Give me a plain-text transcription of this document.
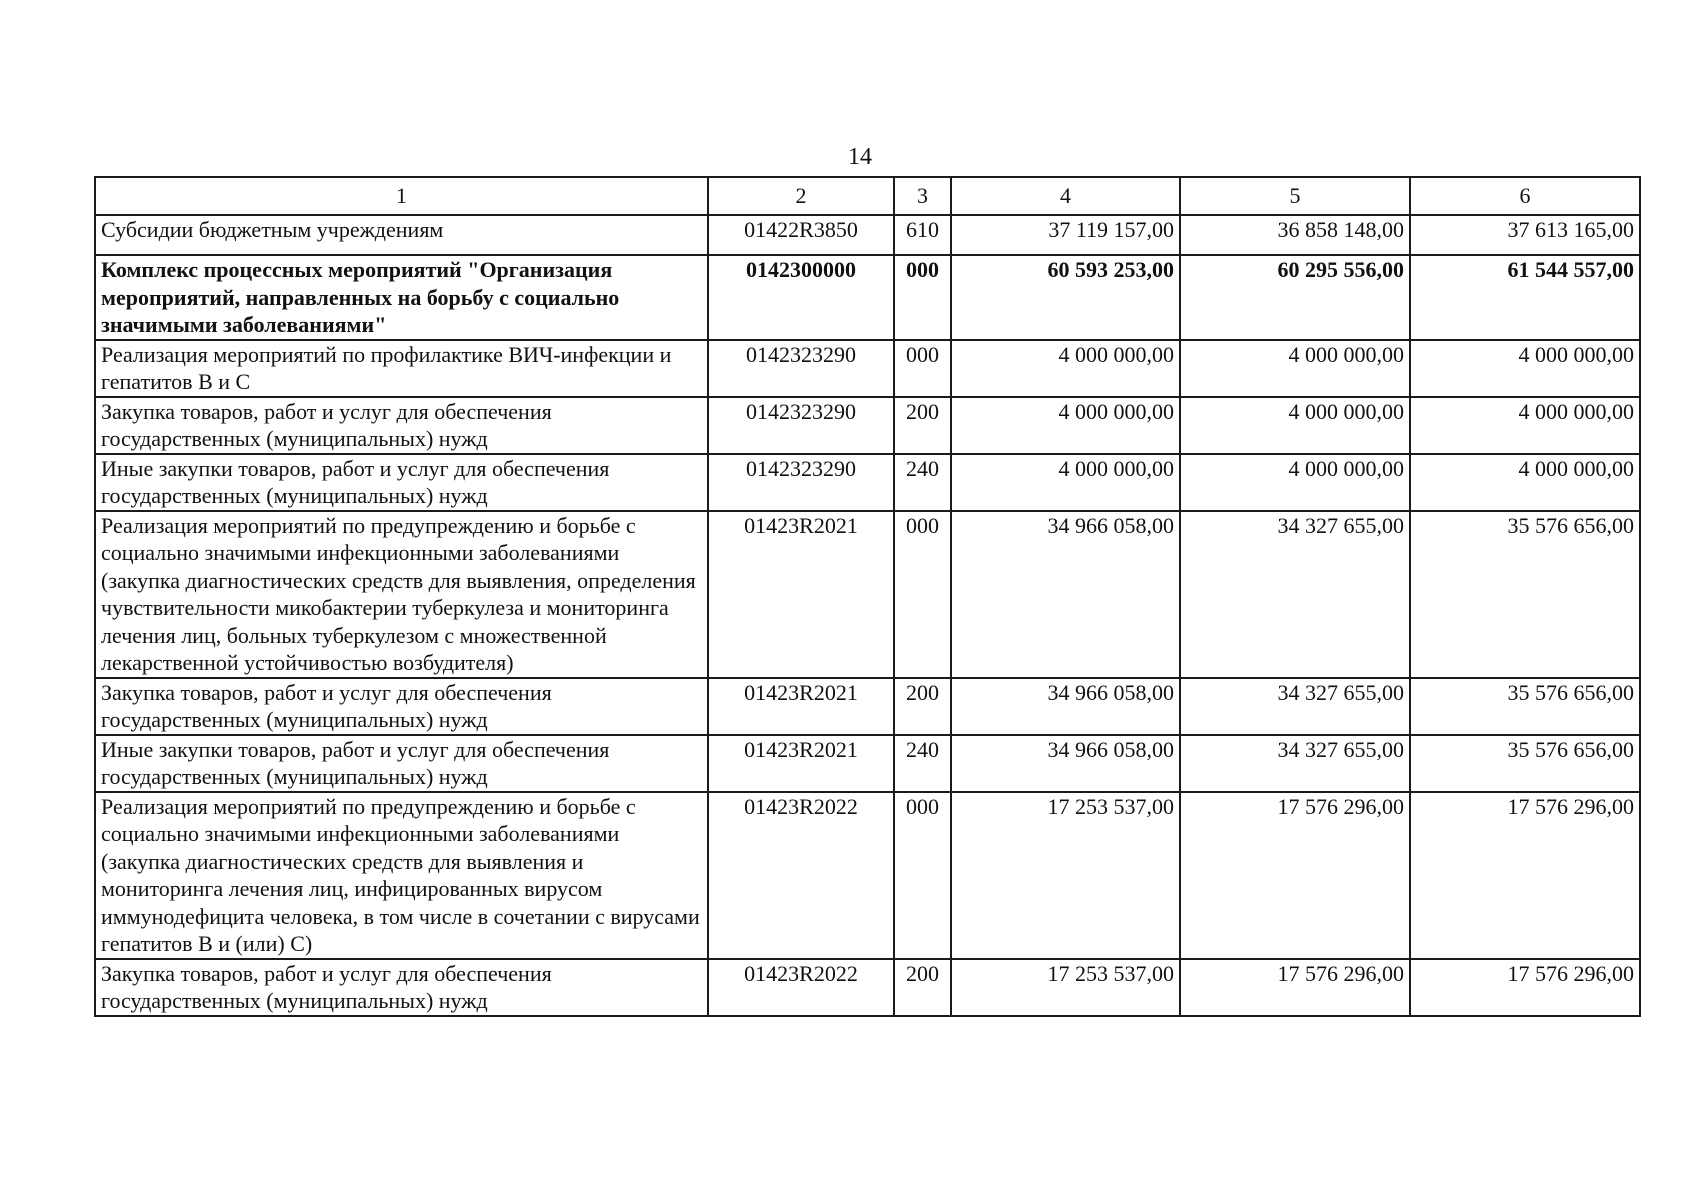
14
1	2	3	4	5	6
Субсидии бюджетным учреждениям	01422R3850	610	37 119 157,00	36 858 148,00	37 613 165,00
Комплекс процессных мероприятий "Организация мероприятий, направленных на борьбу с социально значимыми заболеваниями"	0142300000	000	60 593 253,00	60 295 556,00	61 544 557,00
Реализация мероприятий по профилактике ВИЧ-инфекции и гепатитов B и C	0142323290	000	4 000 000,00	4 000 000,00	4 000 000,00
Закупка товаров, работ и услуг для обеспечения государственных (муниципальных) нужд	0142323290	200	4 000 000,00	4 000 000,00	4 000 000,00
Иные закупки товаров, работ и услуг для обеспечения государственных (муниципальных) нужд	0142323290	240	4 000 000,00	4 000 000,00	4 000 000,00
Реализация мероприятий по предупреждению и борьбе с социально значимыми инфекционными заболеваниями (закупка диагностических средств для выявления, определения чувствительности микобактерии туберкулеза и мониторинга лечения лиц, больных туберкулезом с множественной лекарственной устойчивостью возбудителя)	01423R2021	000	34 966 058,00	34 327 655,00	35 576 656,00
Закупка товаров, работ и услуг для обеспечения государственных (муниципальных) нужд	01423R2021	200	34 966 058,00	34 327 655,00	35 576 656,00
Иные закупки товаров, работ и услуг для обеспечения государственных (муниципальных) нужд	01423R2021	240	34 966 058,00	34 327 655,00	35 576 656,00
Реализация мероприятий по предупреждению и борьбе с социально значимыми инфекционными заболеваниями (закупка диагностических средств для выявления и мониторинга лечения лиц, инфицированных вирусом иммунодефицита человека, в том числе в сочетании с вирусами гепатитов B и (или) C)	01423R2022	000	17 253 537,00	17 576 296,00	17 576 296,00
Закупка товаров, работ и услуг для обеспечения государственных (муниципальных) нужд	01423R2022	200	17 253 537,00	17 576 296,00	17 576 296,00
